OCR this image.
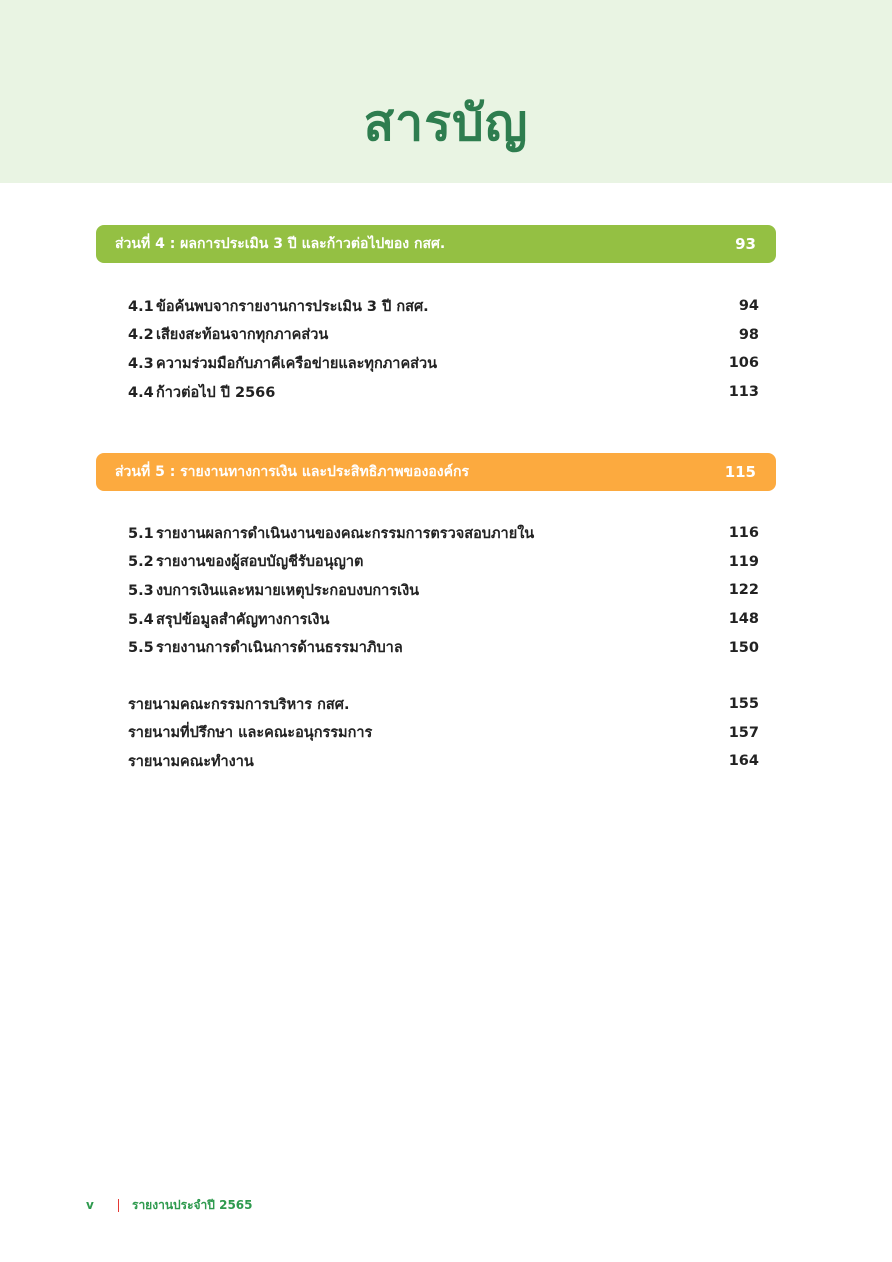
สารบัญ
ส่วนที่ 4 : ผลการประเมิน 3 ปี และก้าวต่อไปของ กสศ.	93
4.1 ข้อค้นพบจากรายงานการประเมิน 3 ปี กสศ.	94
4.2 เสียงสะท้อนจากทุกภาคส่วน	98
4.3 ความร่วมมือกับภาคีเครือข่ายและทุกภาคส่วน	106
4.4 ก้าวต่อไป ปี 2566	113
ส่วนที่ 5 : รายงานทางการเงิน และประสิทธิภาพขององค์กร	115
5.1 รายงานผลการดำเนินงานของคณะกรรมการตรวจสอบภายใน	116
5.2 รายงานของผู้สอบบัญชีรับอนุญาต	119
5.3 งบการเงินและหมายเหตุประกอบงบการเงิน	122
5.4 สรุปข้อมูลสำคัญทางการเงิน	148
5.5 รายงานการดำเนินการด้านธรรมาภิบาล	150
รายนามคณะกรรมการบริหาร กสศ.	155
รายนามที่ปรึกษา และคณะอนุกรรมการ	157
รายนามคณะทำงาน	164
v	รายงานประจำปี 2565
